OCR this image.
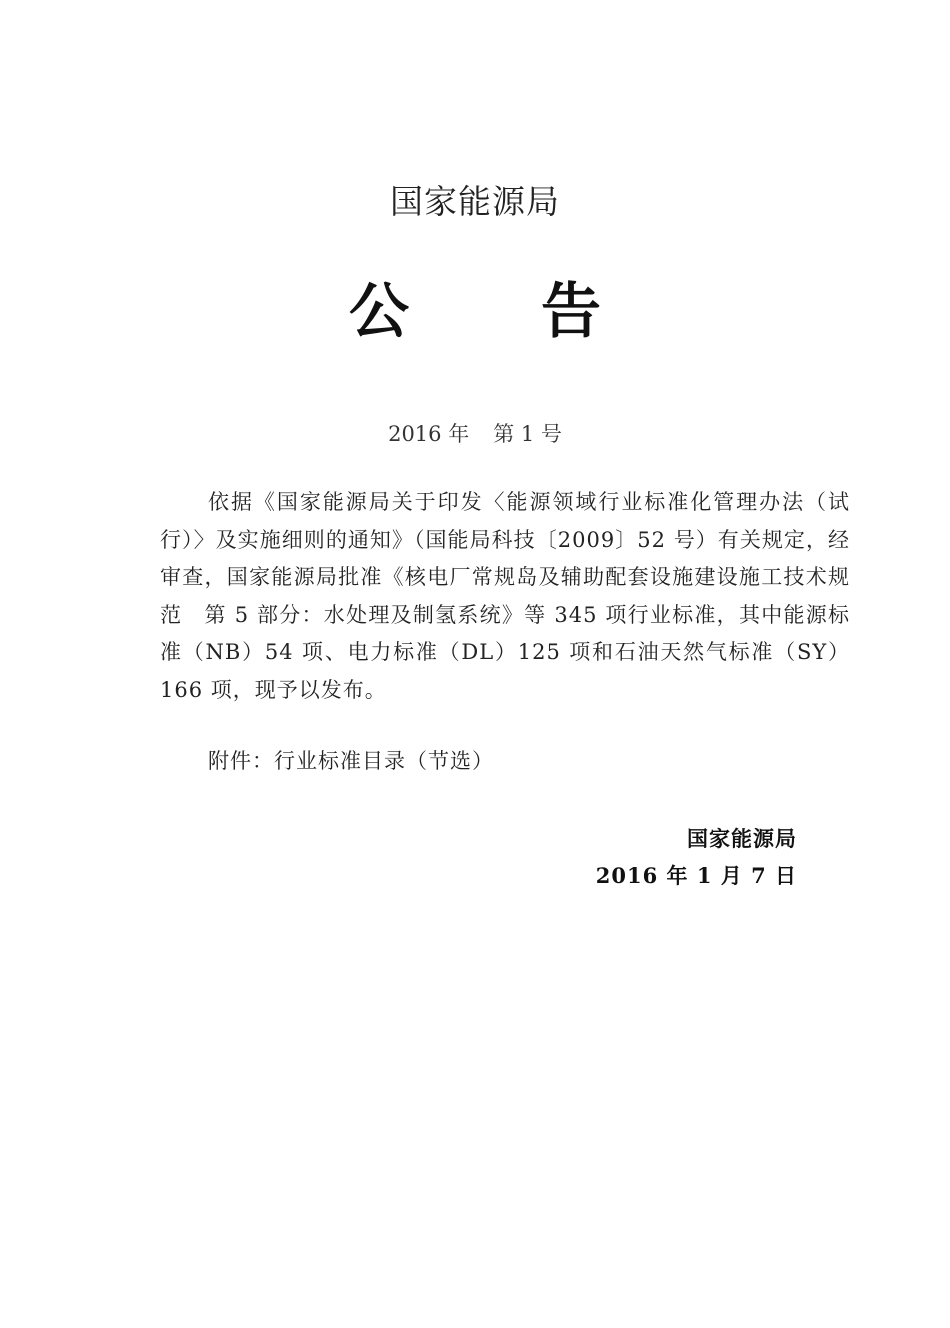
国家能源局
公 告
2016 年 第 1 号
依据《国家能源局关于印发〈能源领域行业标准化管理办法（试行）〉及实施细则的通知》（国能局科技〔2009〕52 号）有关规定，经审查，国家能源局批准《核电厂常规岛及辅助配套设施建设施工技术规范　第 5 部分：水处理及制氢系统》等 345 项行业标准，其中能源标准（NB）54 项、电力标准（DL）125 项和石油天然气标准（SY）166 项，现予以发布。
附件：行业标准目录（节选）
国家能源局
2016 年 1 月 7 日
